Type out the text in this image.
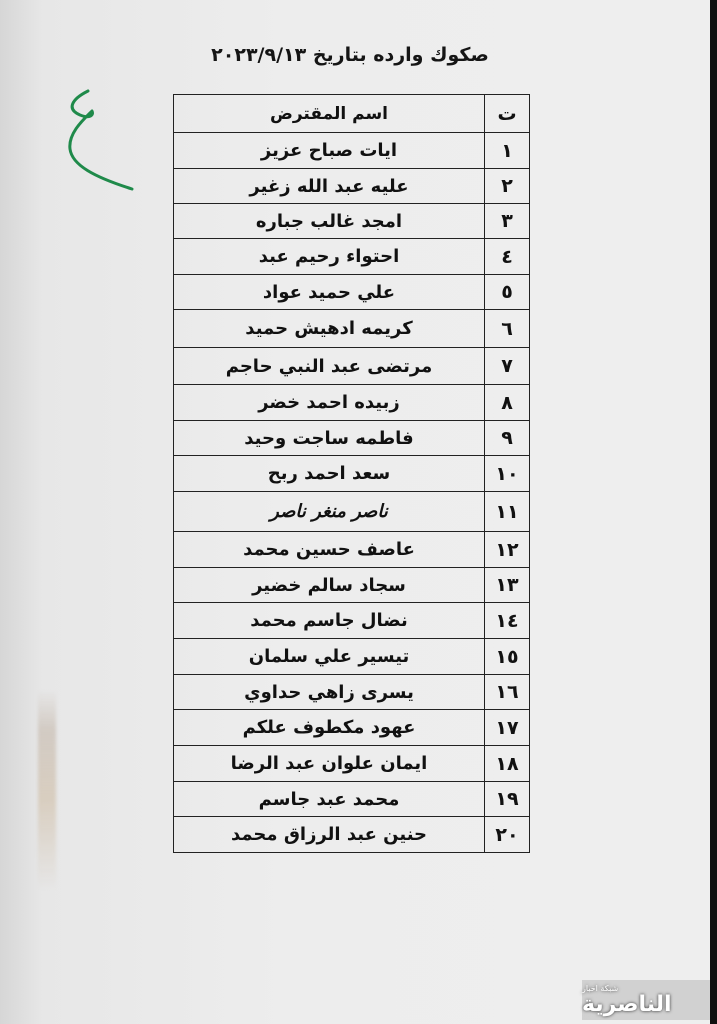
صكوك وارده بتاريخ ٢٠٢٣/٩/١٣
ت	اسم المقترض
١	ايات صباح عزيز
٢	عليه عبد الله زغير
٣	امجد غالب جباره
٤	احتواء رحيم عبد
٥	علي حميد عواد
٦	كريمه ادهيش حميد
٧	مرتضى عبد النبي حاجم
٨	زبيده احمد خضر
٩	فاطمه ساجت وحيد
١٠	سعد احمد ربح
١١	ناصر منغر ناصر
١٢	عاصف حسين محمد
١٣	سجاد سالم خضير
١٤	نضال جاسم محمد
١٥	تيسير علي سلمان
١٦	يسرى زاهي حداوي
١٧	عهود مكطوف علكم
١٨	ايمان علوان عبد الرضا
١٩	محمد عبد جاسم
٢٠	حنين عبد الرزاق محمد
شبكة اخبار
الناصرية
